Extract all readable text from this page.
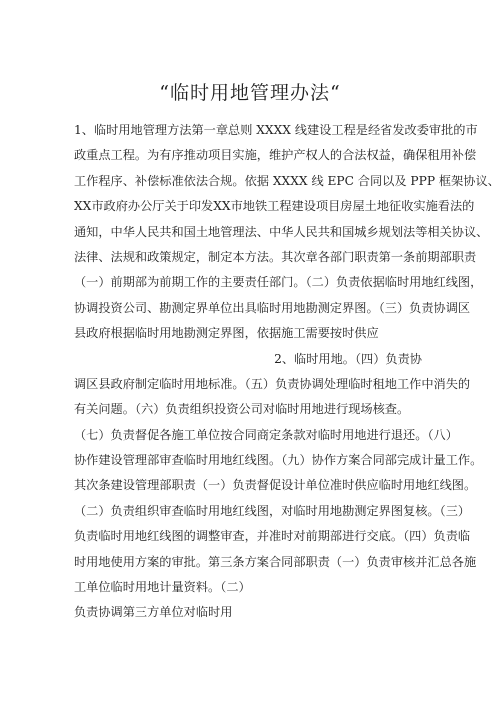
“临时用地管理办法“
1、临时用地管理方法第一章总则 XXXX 线建设工程是经省发改委审批的市
政重点工程。为有序推动项目实施，维护产权人的合法权益，确保租用补偿
工作程序、补偿标准依法合规。依据 XXXX 线 EPC 合同以及 PPP 框架协议、
XX市政府办公厅关于印发XX市地铁工程建设项目房屋土地征收实施看法的
通知，中华人民共和国土地管理法、中华人民共和国城乡规划法等相关协议、
法律、法规和政策规定，制定本方法。其次章各部门职责第一条前期部职责
（一）前期部为前期工作的主要责任部门。（二）负责依据临时用地红线图，
协调投资公司、勘测定界单位出具临时用地勘测定界图。（三）负责协调区
县政府根据临时用地勘测定界图，依据施工需要按时供应
2、临时用地。（四）负责协
调区县政府制定临时用地标准。（五）负责协调处理临时租地工作中消失的
有关问题。（六）负责组织投资公司对临时用地进行现场核查。
（七）负责督促各施工单位按合同商定条款对临时用地进行退还。（八）
协作建设管理部审查临时用地红线图。（九）协作方案合同部完成计量工作。
其次条建设管理部职责（一）负责督促设计单位准时供应临时用地红线图。
（二）负责组织审查临时用地红线图，对临时用地勘测定界图复核。（三）
负责临时用地红线图的调整审查，并准时对前期部进行交底。（四）负责临
时用地使用方案的审批。第三条方案合同部职责（一）负责审核并汇总各施
工单位临时用地计量资料。（二）
负责协调第三方单位对临时用
